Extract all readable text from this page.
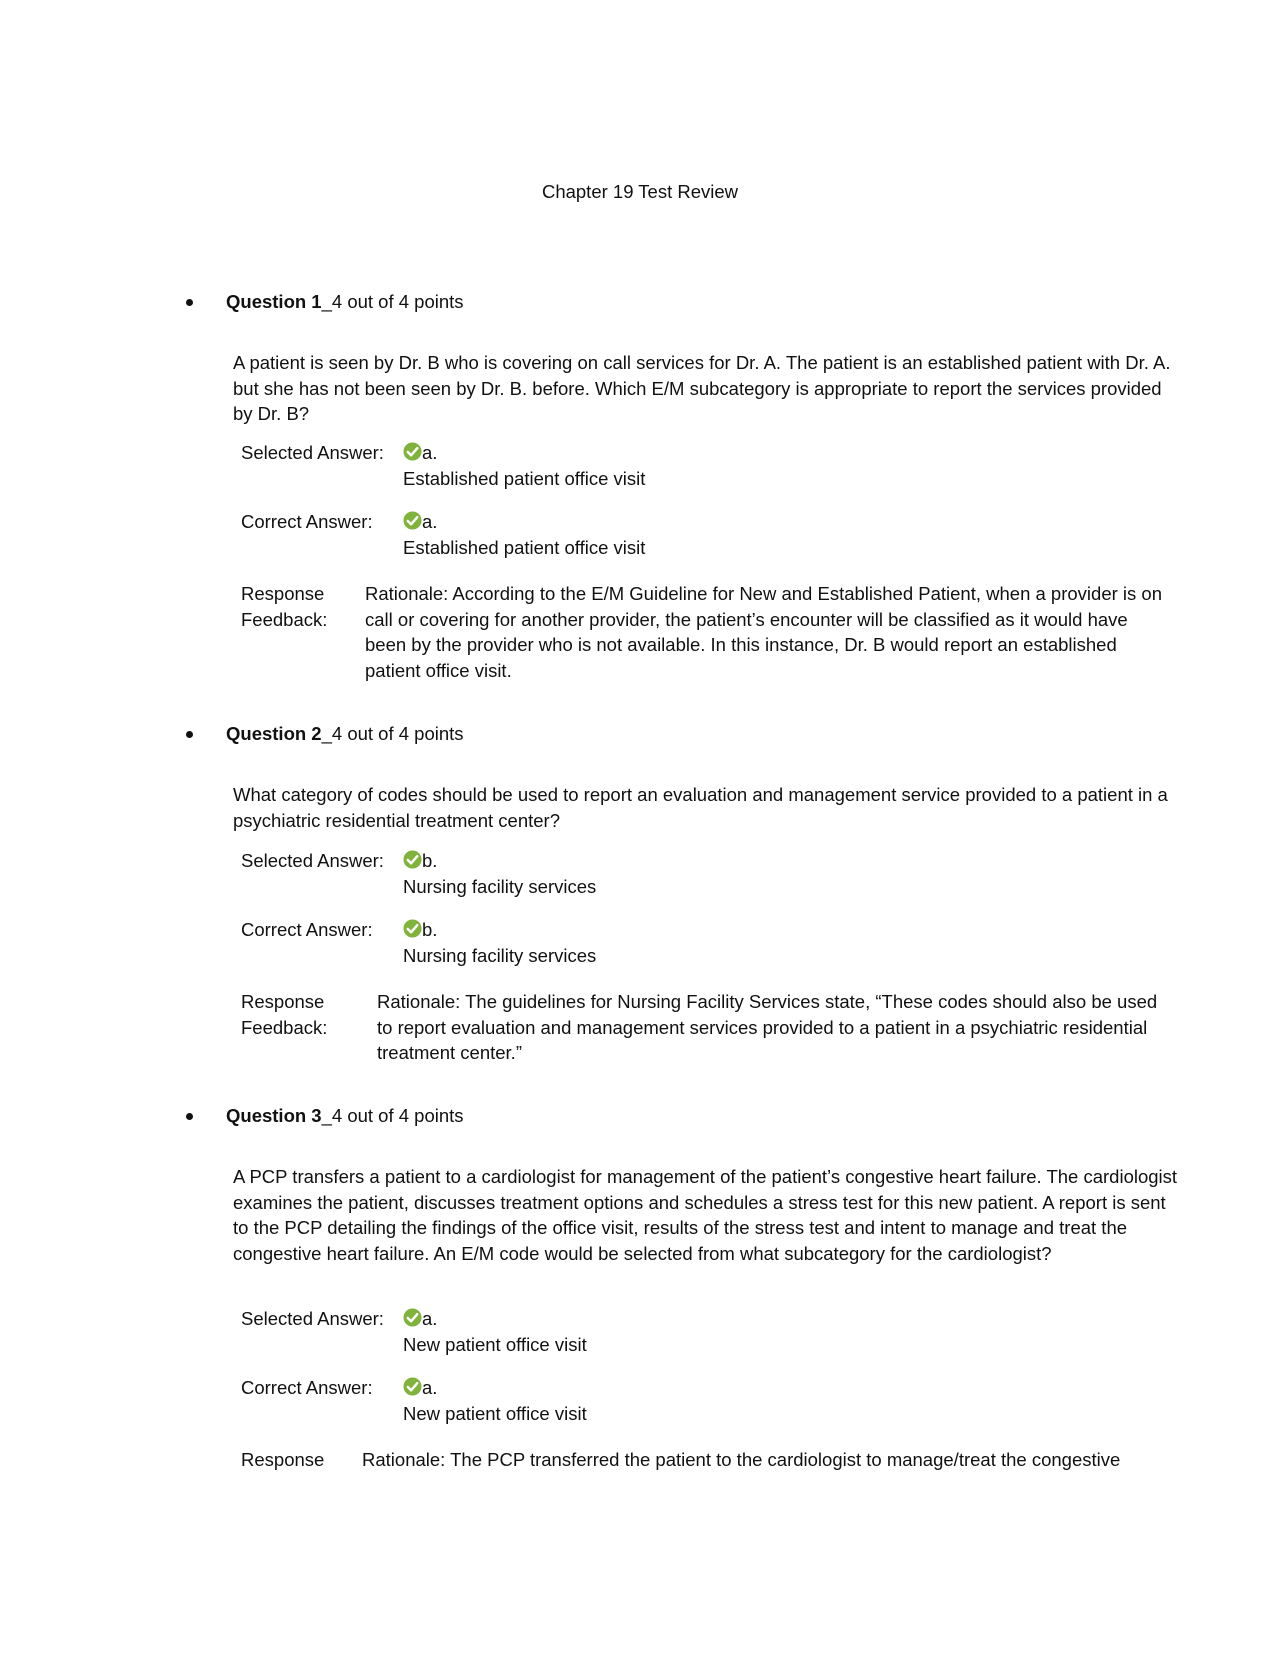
Chapter 19 Test Review
Question 1_4 out of 4 points
A patient is seen by Dr. B who is covering on call services for Dr. A. The patient is an established patient with Dr. A. but she has not been seen by Dr. B. before. Which E/M subcategory is appropriate to report the services provided by Dr. B?
Selected Answer:	a.
Established patient office visit
Correct Answer:	a.
Established patient office visit
Response
Feedback:
Rationale: According to the E/M Guideline for New and Established Patient, when a provider is on call or covering for another provider, the patient’s encounter will be classified as it would have been by the provider who is not available. In this instance, Dr. B would report an established patient office visit.
Question 2_4 out of 4 points
What category of codes should be used to report an evaluation and management service provided to a patient in a psychiatric residential treatment center?
Selected Answer:	b.
Nursing facility services
Correct Answer:	b.
Nursing facility services
Response
Feedback:
Rationale: The guidelines for Nursing Facility Services state, “These codes should also be used to report evaluation and management services provided to a patient in a psychiatric residential treatment center.”
Question 3_4 out of 4 points
A PCP transfers a patient to a cardiologist for management of the patient’s congestive heart failure. The cardiologist examines the patient, discusses treatment options and schedules a stress test for this new patient. A report is sent to the PCP detailing the findings of the office visit, results of the stress test and intent to manage and treat the congestive heart failure. An E/M code would be selected from what subcategory for the cardiologist?
Selected Answer:	a.
New patient office visit
Correct Answer:	a.
New patient office visit
Response	Rationale: The PCP transferred the patient to the cardiologist to manage/treat the congestive
